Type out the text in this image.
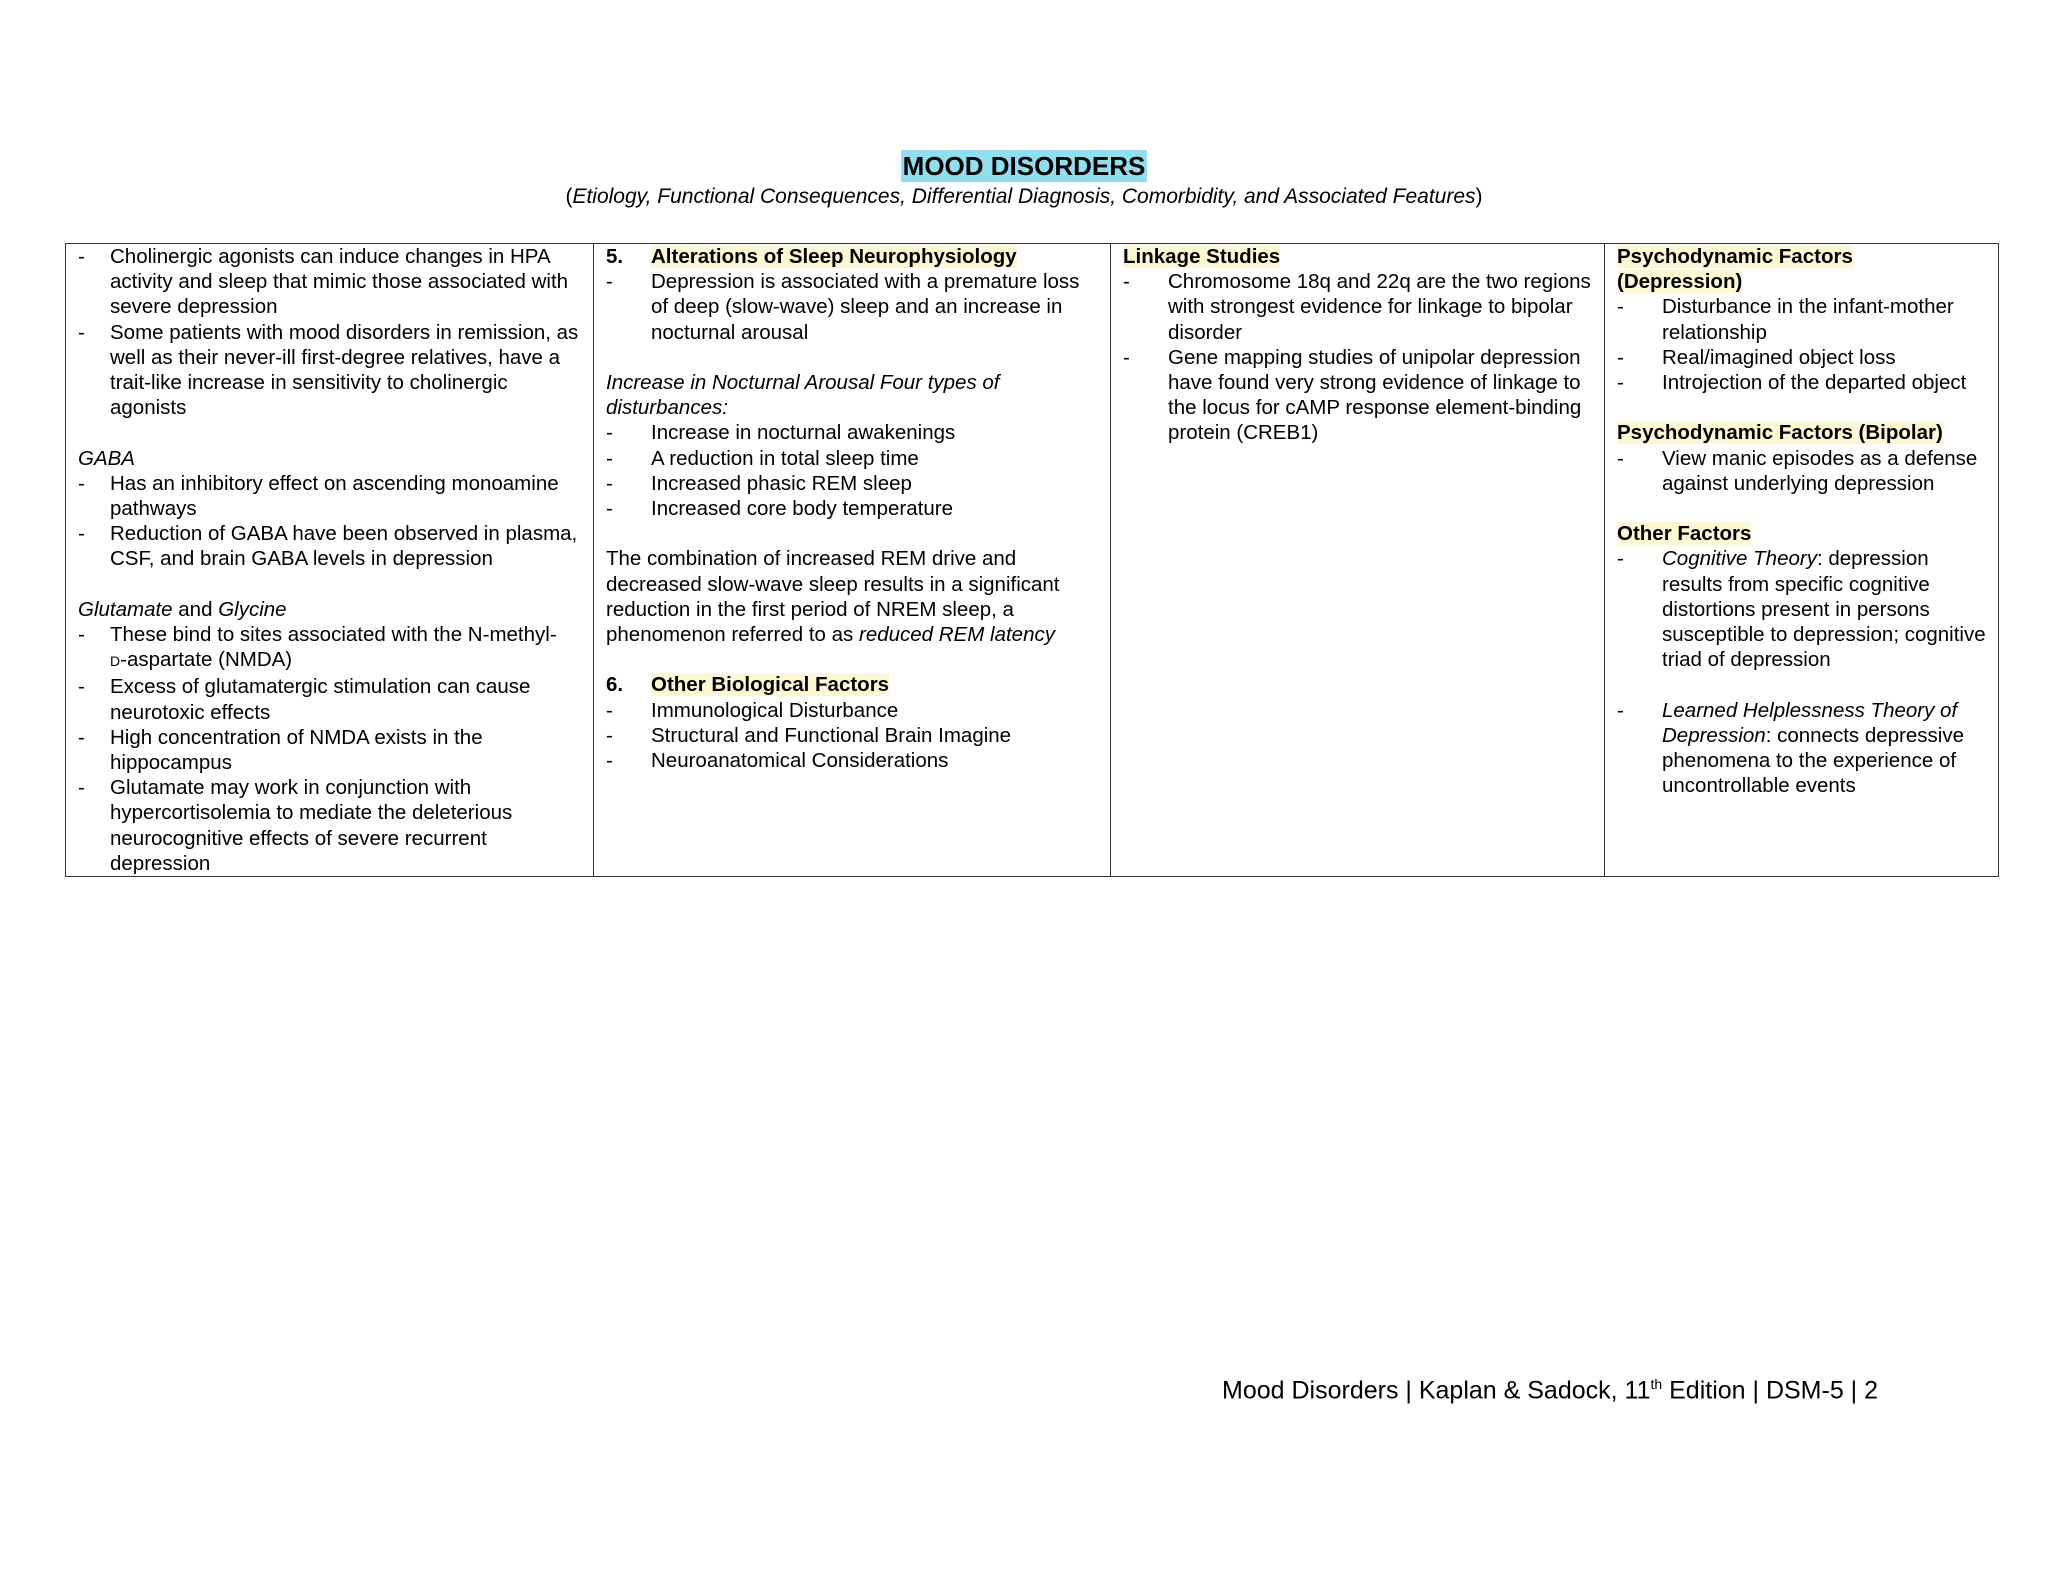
MOOD DISORDERS
(Etiology, Functional Consequences, Differential Diagnosis, Comorbidity, and Associated Features)
- Cholinergic agonists can induce changes in HPA activity and sleep that mimic those associated with severe depression
- Some patients with mood disorders in remission, as well as their never-ill first-degree relatives, have a trait-like increase in sensitivity to cholinergic agonists
GABA
- Has an inhibitory effect on ascending monoamine pathways
- Reduction of GABA have been observed in plasma, CSF, and brain GABA levels in depression
Glutamate and Glycine
- These bind to sites associated with the N-methyl-
D-aspartate (NMDA)
- Excess of glutamatergic stimulation can cause neurotoxic effects
- High concentration of NMDA exists in the hippocampus
- Glutamate may work in conjunction with hypercortisolemia to mediate the deleterious neurocognitive effects of severe recurrent depression

5. Alterations of Sleep Neurophysiology
- Depression is associated with a premature loss of deep (slow-wave) sleep and an increase in nocturnal arousal
Increase in Nocturnal Arousal Four types of disturbances:
- Increase in nocturnal awakenings
- A reduction in total sleep time
- Increased phasic REM sleep
- Increased core body temperature
The combination of increased REM drive and decreased slow-wave sleep results in a significant reduction in the first period of NREM sleep, a phenomenon referred to as reduced REM latency
6. Other Biological Factors
- Immunological Disturbance
- Structural and Functional Brain Imagine
- Neuroanatomical Considerations

Linkage Studies
- Chromosome 18q and 22q are the two regions with strongest evidence for linkage to bipolar disorder
- Gene mapping studies of unipolar depression have found very strong evidence of linkage to the locus for cAMP response element-binding protein (CREB1)

Psychodynamic Factors
(Depression)
- Disturbance in the infant-mother relationship
- Real/imagined object loss
- Introjection of the departed object
Psychodynamic Factors (Bipolar)
- View manic episodes as a defense against underlying depression
Other Factors
- Cognitive Theory: depression results from specific cognitive distortions present in persons susceptible to depression; cognitive triad of depression
- Learned Helplessness Theory of Depression: connects depressive phenomena to the experience of uncontrollable events
Mood Disorders | Kaplan & Sadock, 11th Edition | DSM-5 | 2
